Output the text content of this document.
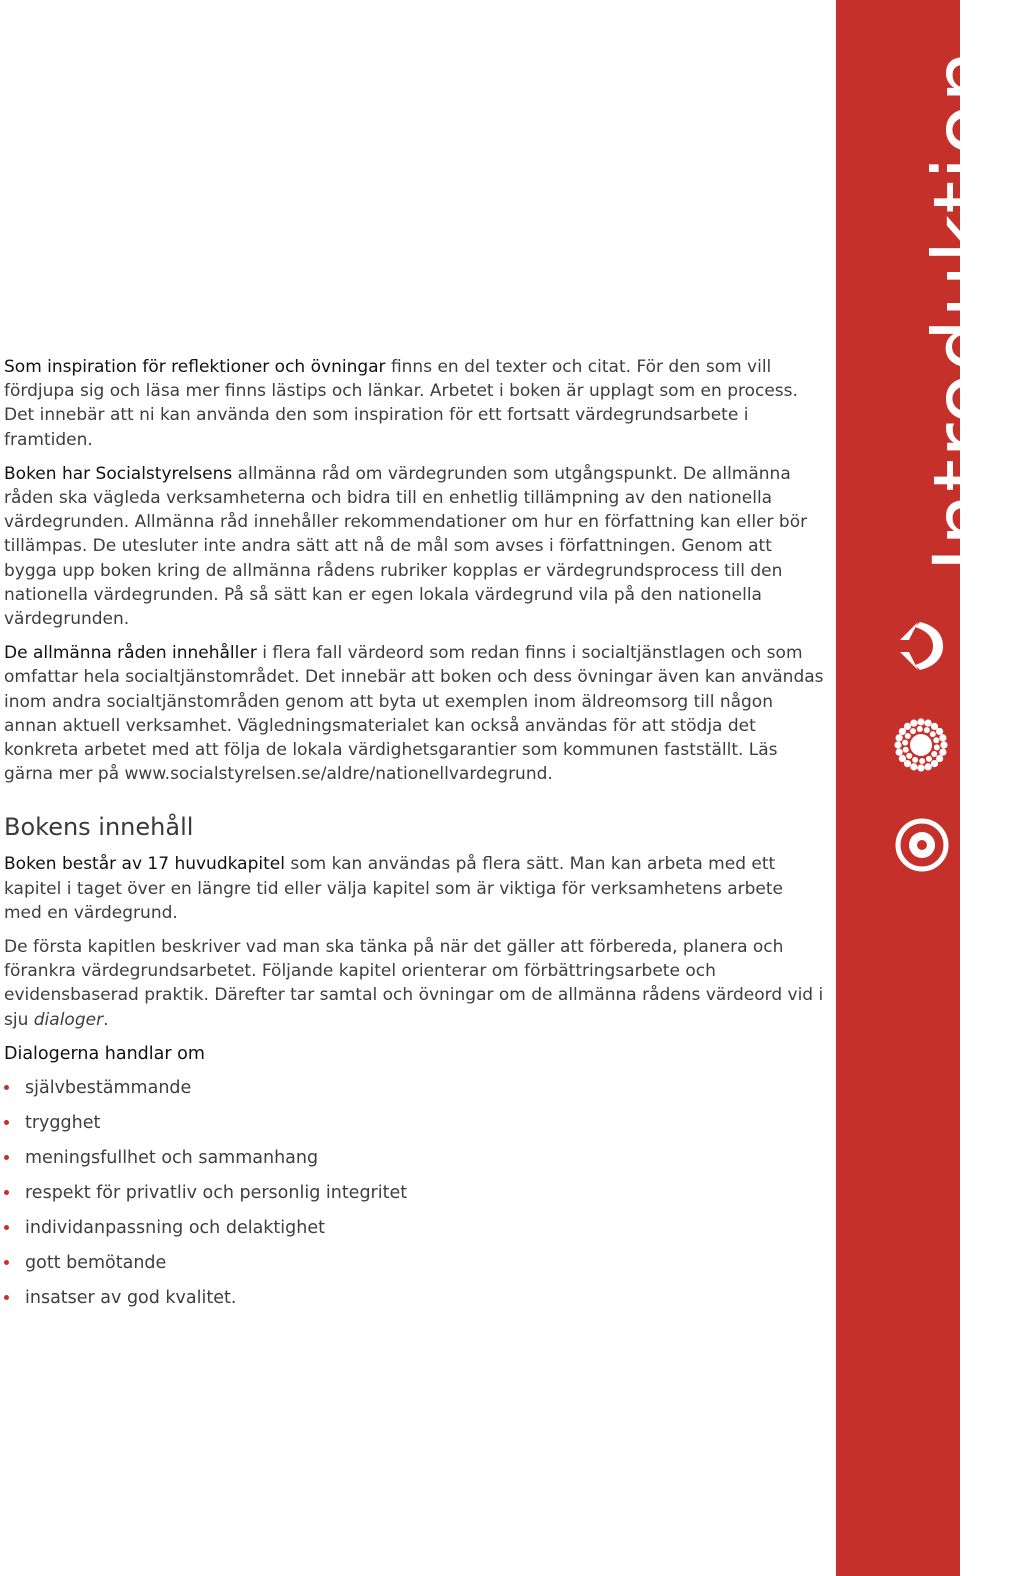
Introduktion

Som inspiration för reflektioner och övningar finns en del texter och citat. För den som vill fördjupa sig och läsa mer finns lästips och länkar. Arbetet i boken är upplagt som en process. Det innebär att ni kan använda den som inspiration för ett fortsatt värdegrundsarbete i framtiden.

Boken har Socialstyrelsens allmänna råd om värdegrunden som utgångspunkt. De allmänna råden ska vägleda verksamheterna och bidra till en enhetlig tillämpning av den nationella värdegrunden. Allmänna råd innehåller rekommendationer om hur en författning kan eller bör tillämpas. De utesluter inte andra sätt att nå de mål som avses i författningen. Genom att bygga upp boken kring de allmänna rådens rubriker kopplas er värdegrundsprocess till den nationella värdegrunden. På så sätt kan er egen lokala värdegrund vila på den nationella värdegrunden.

De allmänna råden innehåller i flera fall värdeord som redan finns i socialtjänstlagen och som omfattar hela socialtjänstområdet. Det innebär att boken och dess övningar även kan användas inom andra socialtjänstområden genom att byta ut exemplen inom äldreomsorg till någon annan aktuell verksamhet. Vägledningsmaterialet kan också användas för att stödja det konkreta arbetet med att följa de lokala värdighetsgarantier som kommunen fastställt. Läs gärna mer på www.socialstyrelsen.se/aldre/nationellvardegrund.

Bokens innehåll

Boken består av 17 huvudkapitel som kan användas på flera sätt. Man kan arbeta med ett kapitel i taget över en längre tid eller välja kapitel som är viktiga för verksamhetens arbete med en värdegrund.

De första kapitlen beskriver vad man ska tänka på när det gäller att förbereda, planera och förankra värdegrundsarbetet. Följande kapitel orienterar om förbättringsarbete och evidensbaserad praktik. Därefter tar samtal och övningar om de allmänna rådens värdeord vid i sju dialoger.

Dialogerna handlar om
självbestämmande
trygghet
meningsfullhet och sammanhang
respekt för privatliv och personlig integritet
individanpassning och delaktighet
gott bemötande
insatser av god kvalitet.
